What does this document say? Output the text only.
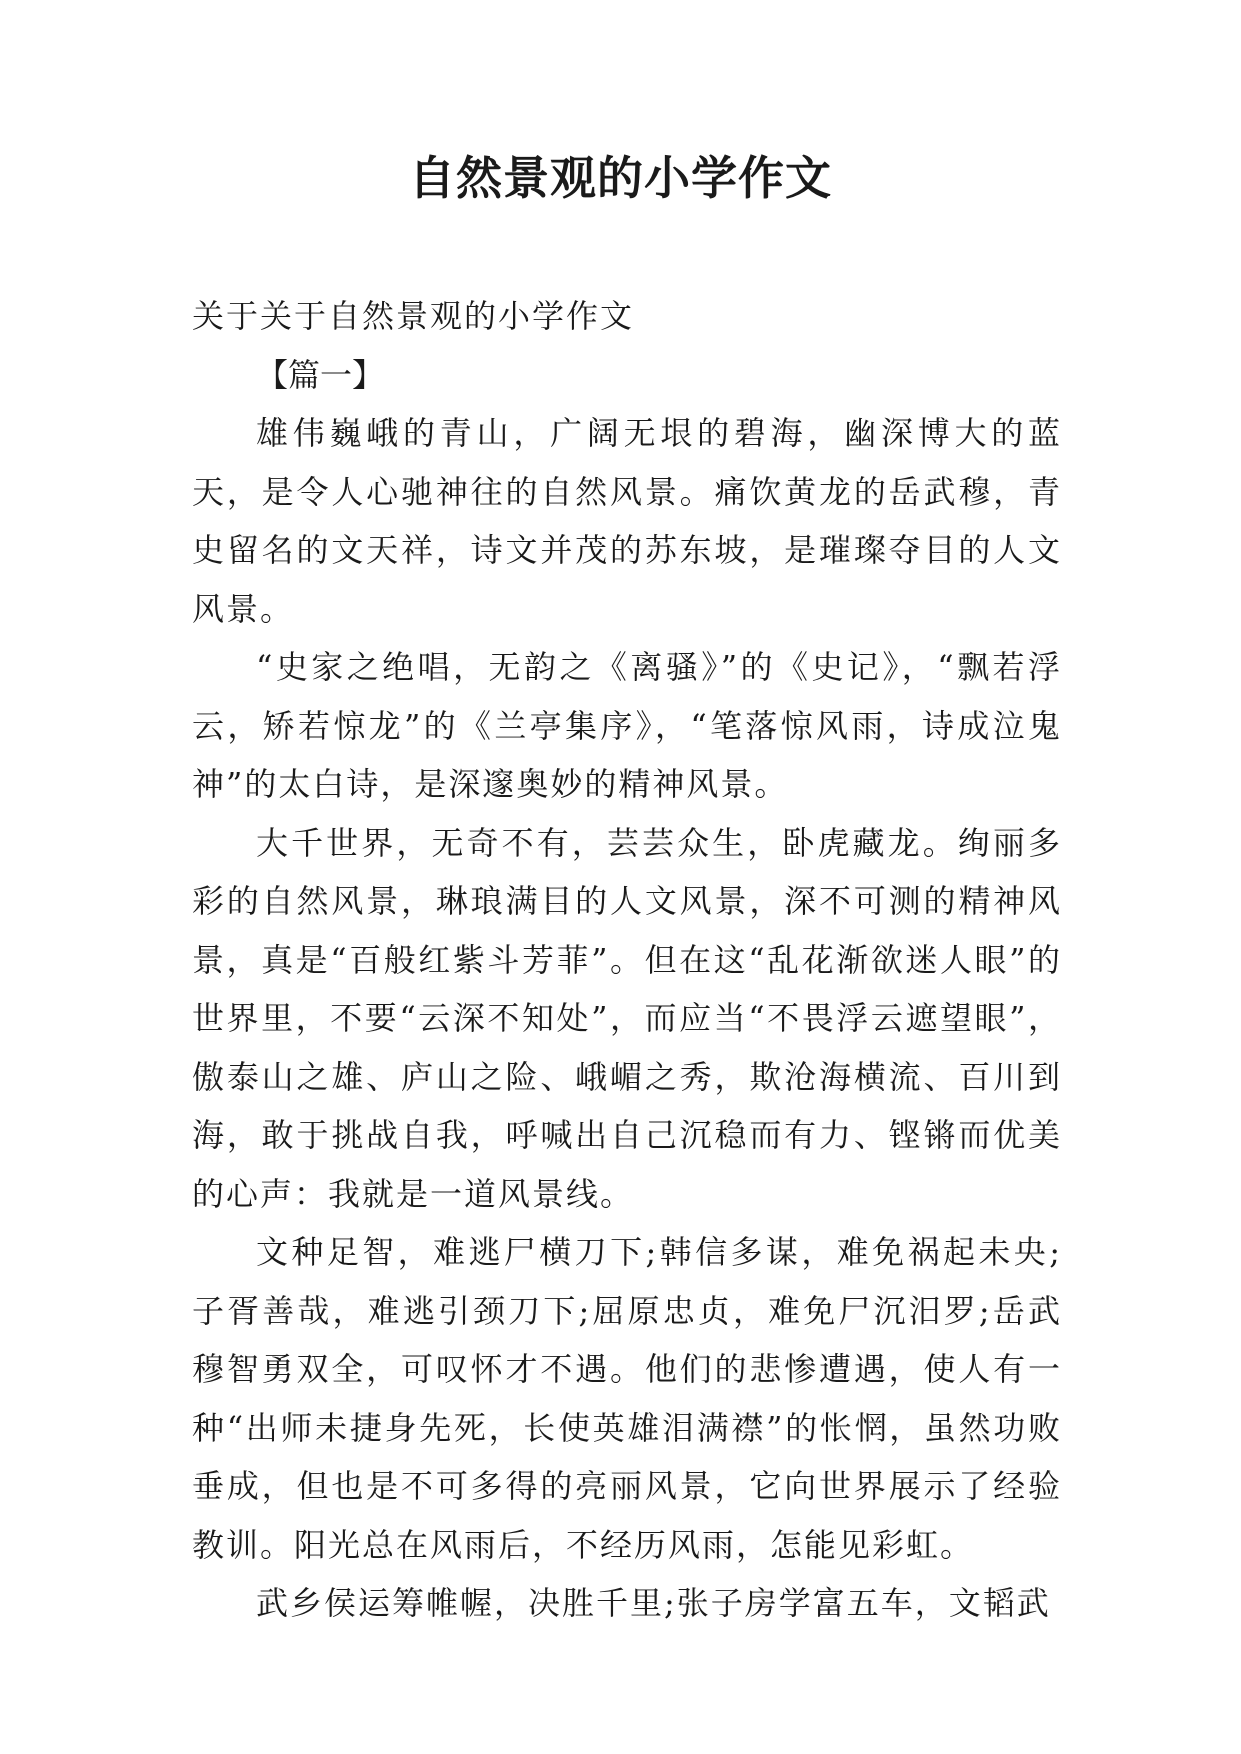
自然景观的小学作文

关于关于自然景观的小学作文

【篇一】

雄伟巍峨的青山，广阔无垠的碧海，幽深博大的蓝天，是令人心驰神往的自然风景。痛饮黄龙的岳武穆，青史留名的文天祥，诗文并茂的苏东坡，是璀璨夺目的人文风景。

“史家之绝唱，无韵之《离骚》”的《史记》，“飘若浮云，矫若惊龙”的《兰亭集序》，“笔落惊风雨，诗成泣鬼神”的太白诗，是深邃奥妙的精神风景。

大千世界，无奇不有，芸芸众生，卧虎藏龙。绚丽多彩的自然风景，琳琅满目的人文风景，深不可测的精神风景，真是“百般红紫斗芳菲”。但在这“乱花渐欲迷人眼”的世界里，不要“云深不知处”，而应当“不畏浮云遮望眼”，傲泰山之雄、庐山之险、峨嵋之秀，欺沧海横流、百川到海，敢于挑战自我，呼喊出自己沉稳而有力、铿锵而优美的心声：我就是一道风景线。

文种足智，难逃尸横刀下;韩信多谋，难免祸起未央;子胥善哉，难逃引颈刀下;屈原忠贞，难免尸沉汨罗;岳武穆智勇双全，可叹怀才不遇。他们的悲惨遭遇，使人有一种“出师未捷身先死，长使英雄泪满襟”的怅惘，虽然功败垂成，但也是不可多得的亮丽风景，它向世界展示了经验教训。阳光总在风雨后，不经历风雨，怎能见彩虹。

武乡侯运筹帷幄，决胜千里;张子房学富五车，文韬武
